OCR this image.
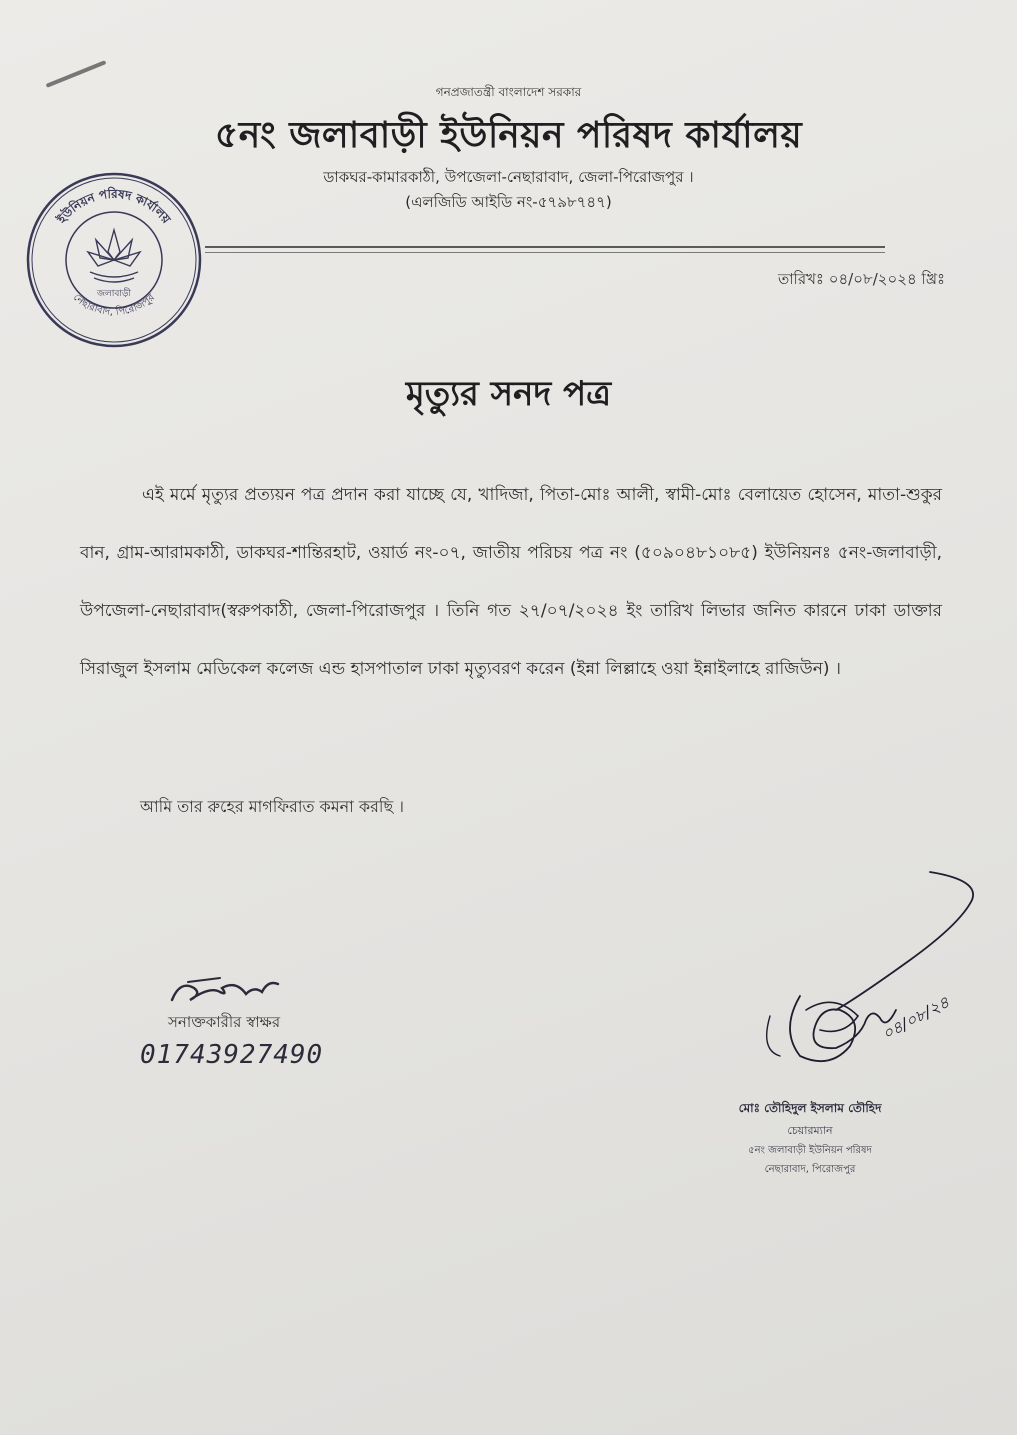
গনপ্রজাতন্ত্রী বাংলাদেশ সরকার
৫নং জলাবাড়ী ইউনিয়ন পরিষদ কার্যালয়
ডাকঘর-কামারকাঠী, উপজেলা-নেছারাবাদ, জেলা-পিরোজপুর ।
(এলজিডি আইডি নং-৫৭৯৮৭৪৭)
ইউনিয়ন পরিষদ কার্যালয়
নেছারাবাদ, পিরোজপুর
জলাবাড়ী
তারিখঃ ০৪/০৮/২০২৪ খ্রিঃ
মৃত্যুর সনদ পত্র
এই মর্মে মৃত্যুর প্রত্যয়ন পত্র প্রদান করা যাচ্ছে যে, খাদিজা, পিতা-মোঃ আলী, স্বামী-মোঃ বেলায়েত হোসেন, মাতা-শুকুর বান, গ্রাম-আরামকাঠী, ডাকঘর-শান্তিরহাট, ওয়ার্ড নং-০৭, জাতীয় পরিচয় পত্র নং (৫০৯০৪৮১০৮৫) ইউনিয়নঃ ৫নং-জলাবাড়ী, উপজেলা-নেছারাবাদ(স্বরুপকাঠী, জেলা-পিরোজপুর । তিনি গত ২৭/০৭/২০২৪ ইং তারিখ লিভার জনিত কারনে ঢাকা ডাক্তার সিরাজুল ইসলাম মেডিকেল কলেজ এন্ড হাসপাতাল ঢাকা মৃত্যুবরণ করেন (ইন্না লিল্লাহে ওয়া ইন্নাইলাহে রাজিউন) ।
আমি তার রুহের মাগফিরাত কমনা করছি ।
সনাক্তকারীর স্বাক্ষর
01743927490
০৪/০৮/২৪
মোঃ তৌহিদুল ইসলাম তৌহিদ
চেয়ারম্যান
৫নং জলাবাড়ী ইউনিয়ন পরিষদ
নেছারাবাদ, পিরোজপুর
